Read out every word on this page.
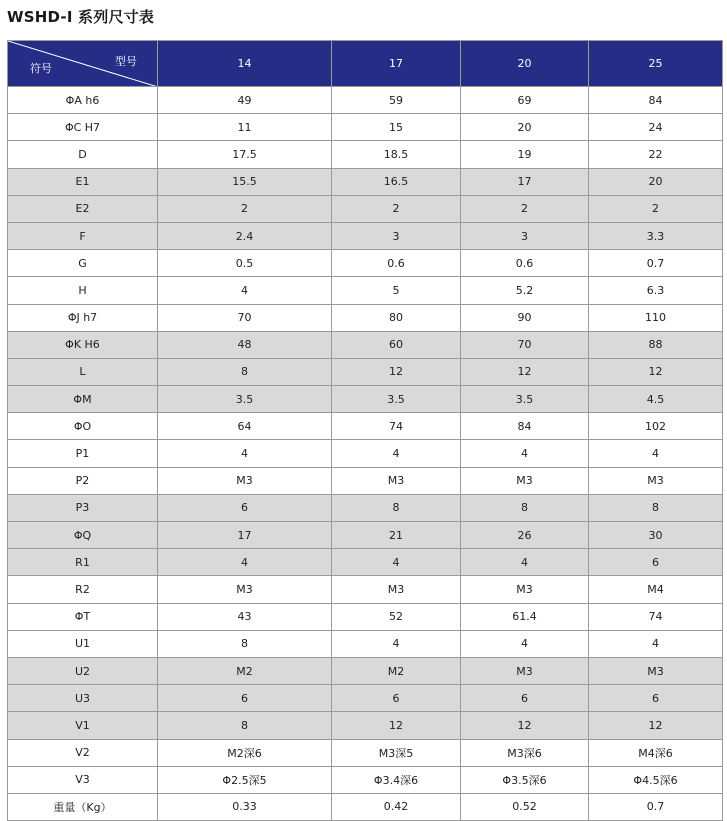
WSHD-I 系列尺寸表
型号
符号	14	17	20	25
ΦA h6	49	59	69	84
ΦC H7	11	15	20	24
D	17.5	18.5	19	22
E1	15.5	16.5	17	20
E2	2	2	2	2
F	2.4	3	3	3.3
G	0.5	0.6	0.6	0.7
H	4	5	5.2	6.3
ΦJ h7	70	80	90	110
ΦK H6	48	60	70	88
L	8	12	12	12
ΦM	3.5	3.5	3.5	4.5
ΦO	64	74	84	102
P1	4	4	4	4
P2	M3	M3	M3	M3
P3	6	8	8	8
ΦQ	17	21	26	30
R1	4	4	4	6
R2	M3	M3	M3	M4
ΦT	43	52	61.4	74
U1	8	4	4	4
U2	M2	M2	M3	M3
U3	6	6	6	6
V1	8	12	12	12
V2	M2深6	M3深5	M3深6	M4深6
V3	Φ2.5深5	Φ3.4深6	Φ3.5深6	Φ4.5深6
重量（Kg）	0.33	0.42	0.52	0.7
